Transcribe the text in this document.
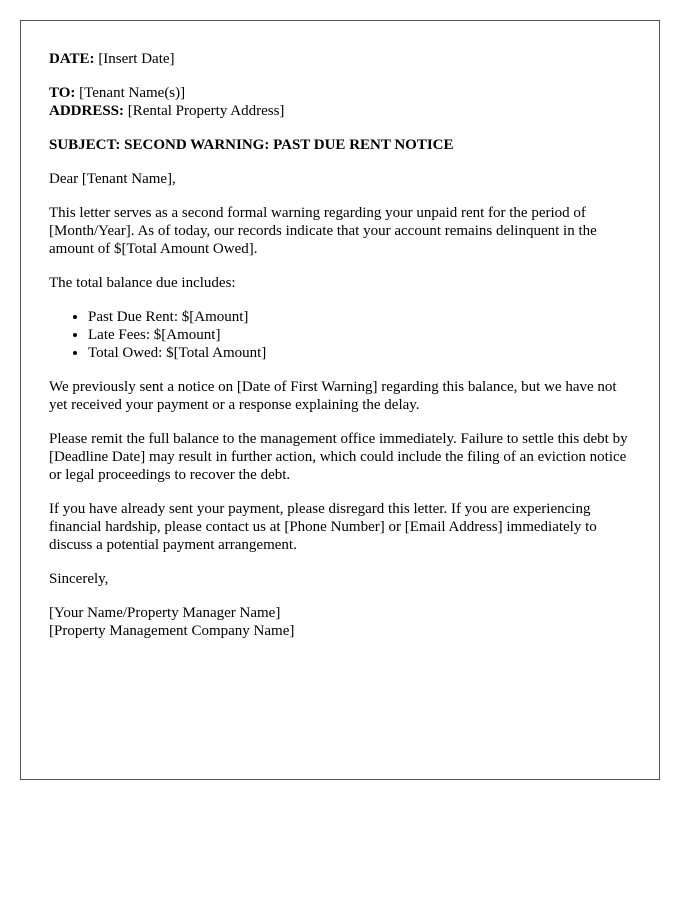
DATE: [Insert Date]
TO: [Tenant Name(s)]
ADDRESS: [Rental Property Address]

SUBJECT: SECOND WARNING: PAST DUE RENT NOTICE

Dear [Tenant Name],

This letter serves as a second formal warning regarding your unpaid rent for the period of [Month/Year]. As of today, our records indicate that your account remains delinquent in the amount of $[Total Amount Owed].

The total balance due includes:

• Past Due Rent: $[Amount]
• Late Fees: $[Amount]
• Total Owed: $[Total Amount]

We previously sent a notice on [Date of First Warning] regarding this balance, but we have not yet received your payment or a response explaining the delay.

Please remit the full balance to the management office immediately. Failure to settle this debt by [Deadline Date] may result in further action, which could include the filing of an eviction notice or legal proceedings to recover the debt.

If you have already sent your payment, please disregard this letter. If you are experiencing financial hardship, please contact us at [Phone Number] or [Email Address] immediately to discuss a potential payment arrangement.

Sincerely,

[Your Name/Property Manager Name]
[Property Management Company Name]
